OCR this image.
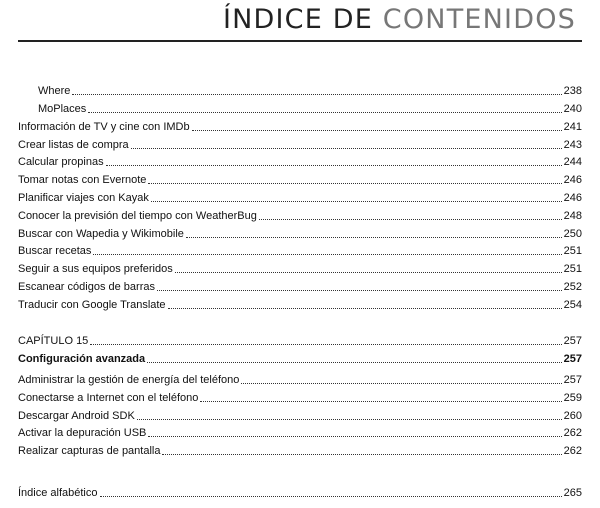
ÍNDICE DE CONTENIDOS
Where	238
MoPlaces	240
Información de TV y cine con IMDb	241
Crear listas de compra	243
Calcular propinas	244
Tomar notas con Evernote	246
Planificar viajes con Kayak	246
Conocer la previsión del tiempo con WeatherBug	248
Buscar con Wapedia y Wikimobile	250
Buscar recetas	251
Seguir a sus equipos preferidos	251
Escanear códigos de barras	252
Traducir con Google Translate	254
CAPÍTULO 15	257
Configuración avanzada	257
Administrar la gestión de energía del teléfono	257
Conectarse a Internet con el teléfono	259
Descargar Android SDK	260
Activar la depuración USB	262
Realizar capturas de pantalla	262
Índice alfabético	265
